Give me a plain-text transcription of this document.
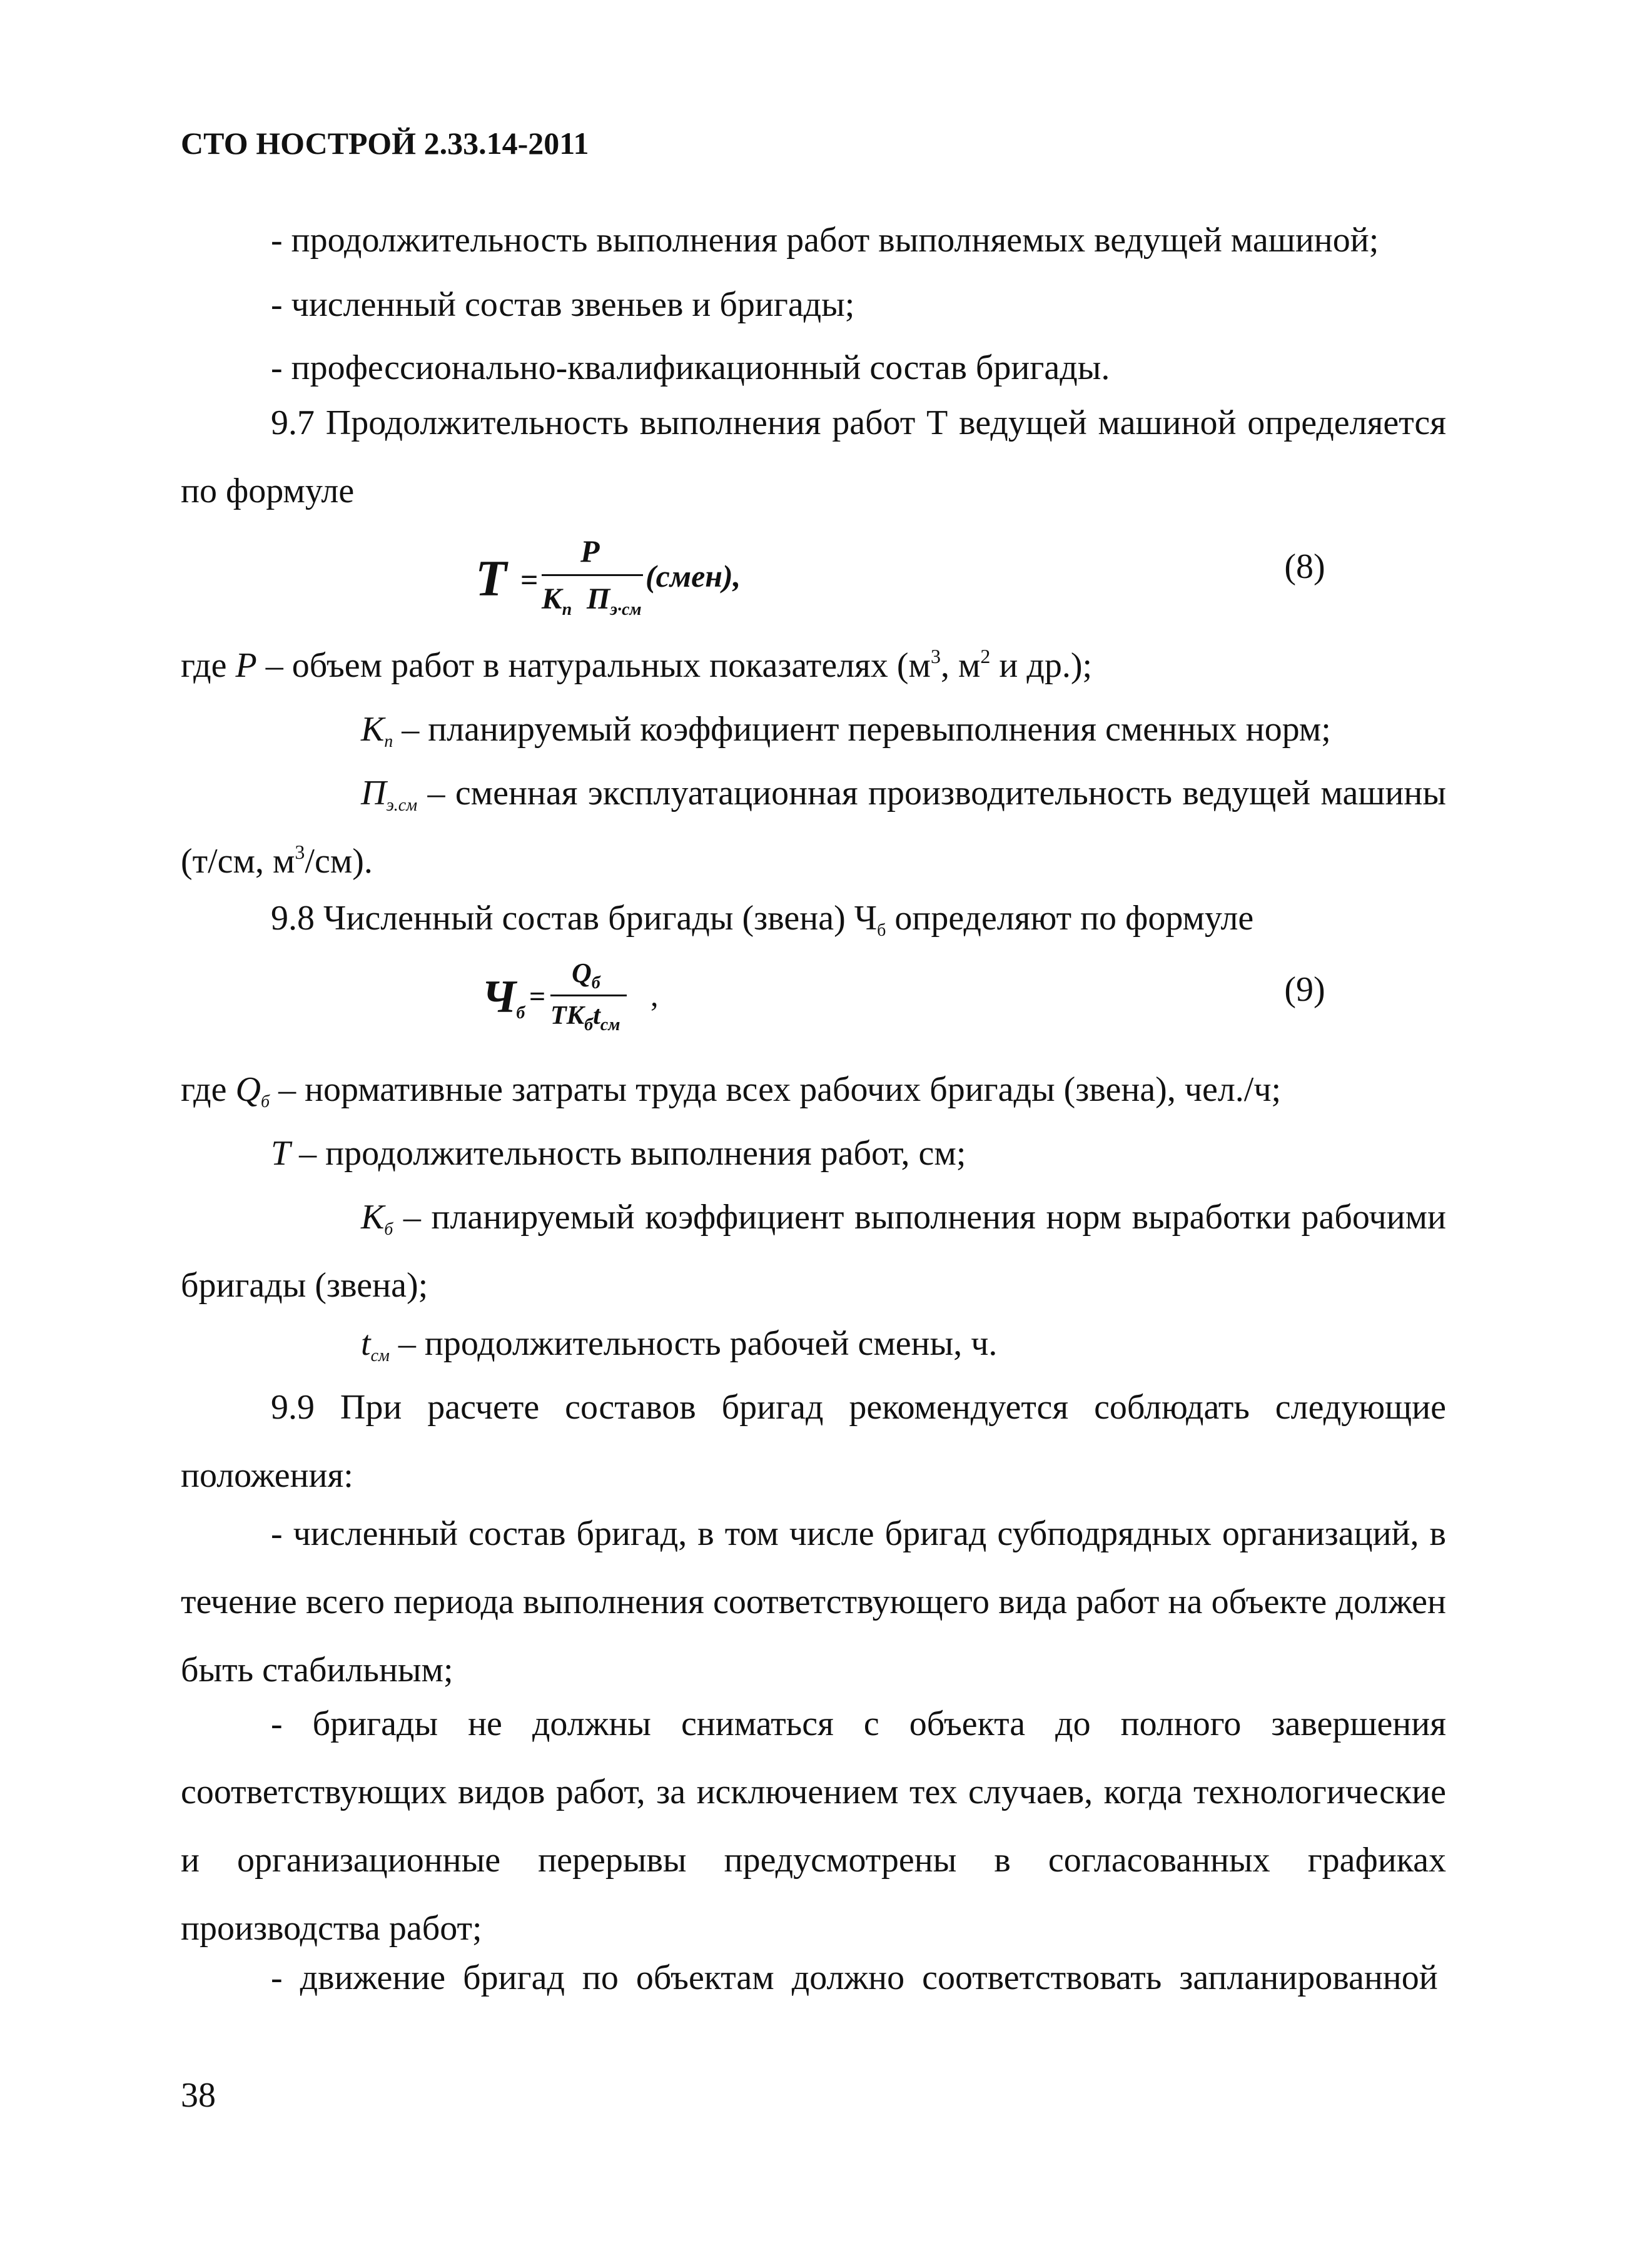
СТО НОСТРОЙ 2.33.14-2011
- продолжительность выполнения работ выполняемых ведущей машиной;
- численный состав звеньев и бригады;
- профессионально-квалификационный состав бригады.
9.7 Продолжительность выполнения работ Т ведущей машиной определяется по формуле
Т =
Р
$К_п$ $П_{э\cdot см}$
(смен),	(8)
где Р – объем работ в натуральных показателях ($м^3$, $м^2$ и др.);
$К_п$ – планируемый коэффициент перевыполнения сменных норм;
$П_{э.см}$ – сменная эксплуатационная производительность ведущей машины (т/см, $м^3/см$).
9.8 Численный состав бригады (звена) $Ч_б$ определяют по формуле
$Ч_б$
=
$Q_б$
$ТК_бt_{см}$
,	(9)
где $Q_б$ – нормативные затраты труда всех рабочих бригады (звена), чел./ч;
Т – продолжительность выполнения работ, см;
$К_б$ – планируемый коэффициент выполнения норм выработки рабочими бригады (звена);
$t_{см}$ – продолжительность рабочей смены, ч.
9.9 При расчете составов бригад рекомендуется соблюдать следующие положения:
- численный состав бригад, в том числе бригад субподрядных организаций, в течение всего периода выполнения соответствующего вида работ на объекте должен быть стабильным;
- бригады не должны сниматься с объекта до полного завершения соответствующих видов работ, за исключением тех случаев, когда технологические и организационные перерывы предусмотрены в согласованных графиках производства работ;
- движение бригад по объектам должно соответствовать запланированной
38
